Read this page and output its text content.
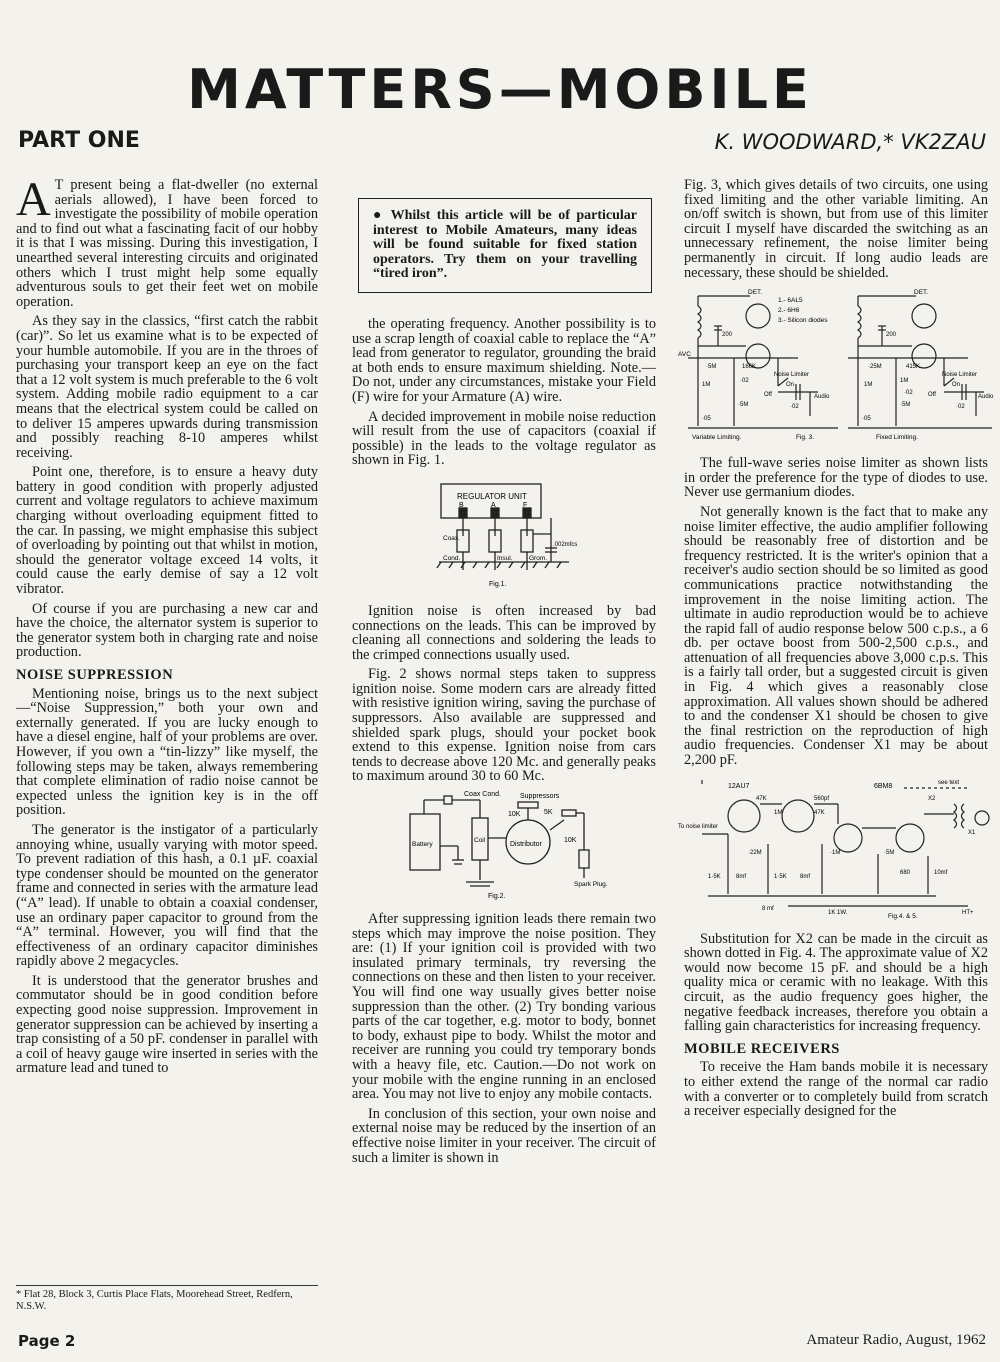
MATTERS—MOBILE
PART ONE	K. WOODWARD,* VK2ZAU

A T present being a flat-dweller (no external aerials allowed), I have been forced to investigate the possibility of mobile operation and to find out what a fascinating facit of our hobby it is that I was missing. During this investigation, I unearthed several interesting circuits and originated others which I trust might help some equally adventurous souls to get their feet wet on mobile operation.

As they say in the classics, “first catch the rabbit (car)”. So let us examine what is to be expected of your humble automobile. If you are in the throes of purchasing your transport keep an eye on the fact that a 12 volt system is much preferable to the 6 volt system. Adding mobile radio equipment to a car means that the electrical system could be called on to deliver 15 amperes upwards during transmission and possibly reaching 8-10 amperes whilst receiving.

Point one, therefore, is to ensure a heavy duty battery in good condition with properly adjusted current and voltage regulators to achieve maximum charging without overloading equipment fitted to the car. In passing, we might emphasise this subject of overloading by pointing out that whilst in motion, should the generator voltage exceed 14 volts, it could cause the early demise of say a 12 volt vibrator.

Of course if you are purchasing a new car and have the choice, the alternator system is superior to the generator system both in charging rate and noise production.

NOISE SUPPRESSION

Mentioning noise, brings us to the next subject—“Noise Suppression,” both your own and externally generated. If you are lucky enough to have a diesel engine, half of your problems are over. However, if you own a “tin-lizzy” like myself, the following steps may be taken, always remembering that complete elimination of radio noise cannot be expected unless the ignition key is in the off position.

The generator is the instigator of a particularly annoying whine, usually varying with motor speed. To prevent radiation of this hash, a 0.1 µF. coaxial type condenser should be mounted on the generator frame and connected in series with the armature lead (“A” lead). If unable to obtain a coaxial condenser, use an ordinary paper capacitor to ground from the “A” terminal. However, you will find that the effectiveness of an ordinary capacitor diminishes rapidly above 2 megacycles.

It is understood that the generator brushes and commutator should be in good condition before expecting good noise suppression. Improvement in generator suppression can be achieved by inserting a trap consisting of a 50 pF. condenser in parallel with a coil of heavy gauge wire inserted in series with the armature lead and tuned to

* Flat 28, Block 3, Curtis Place Flats, Moorehead Street, Redfern, N.S.W.
● Whilst this article will be of particular interest to Mobile Amateurs, many ideas will be found suitable for fixed station operators. Try them on your travelling “tired iron”.

the operating frequency. Another possibility is to use a scrap length of coaxial cable to replace the “A” lead from generator to regulator, grounding the braid at both ends to ensure maximum shielding. Note.—Do not, under any circumstances, mistake your Field (F) wire for your Armature (A) wire.

A decided improvement in mobile noise reduction will result from the use of capacitors (coaxial if possible) in the leads to the voltage regulator as shown in Fig. 1.

REGULATOR UNIT
B	A	F
Coax.
Cond.	Insul.	Grom.
.002mfcs
Fig.1.

Ignition noise is often increased by bad connections on the leads. This can be improved by cleaning all connections and soldering the leads to the crimped connections usually used.

Fig. 2 shows normal steps taken to suppress ignition noise. Some modern cars are already fitted with resistive ignition wiring, saving the purchase of suppressors. Also available are suppressed and shielded spark plugs, should your pocket book extend to this expense. Ignition noise from cars tends to decrease above 120 Mc. and generally peaks to maximum around 30 to 60 Mc.

Coax Cond.	Suppressors
10K	5K
10K
Battery
Coil
Distributor
Spark Plug.
Fig.2.

After suppressing ignition leads there remain two steps which may improve the noise position. They are: (1) If your ignition coil is provided with two insulated primary terminals, try reversing the connections on these and then listen to your receiver. You will find one way usually gives better noise suppression than the other. (2) Try bonding various parts of the car together, e.g. motor to body, bonnet to body, exhaust pipe to body. Whilst the motor and receiver are running you could try temporary bonds with a heavy file, etc. Caution.—Do not work on your mobile with the engine running in an enclosed area. You may not live to enjoy any mobile contacts.

In conclusion of this section, your own noise and external noise may be reduced by the insertion of an effective noise limiter in your receiver. The circuit of such a limiter is shown in

Fig. 3, which gives details of two circuits, one using fixed limiting and the other variable limiting. An on/off switch is shown, but from use of this limiter circuit I myself have discarded the switching as an unnecessary refinement, the noise limiter being permanently in circuit. If long audio leads are necessary, these should be shielded.

DET.	DET.
1.- 6AL5
2.- 6H6
3.- Silicon diodes
AVC
200	200
·5M	166K	·25M	415K
Noise Limiter	Noise Limiter
On
Off
On
Off
1M	1M
1M
·5M	·5M
·02
·02
·02
·02
·05	·05
Audio	Audio
Variable Limiting.	Fig. 3.	Fixed Limiting.

The full-wave series noise limiter as shown lists in order the preference for the type of diodes to use. Never use germanium diodes.

Not generally known is the fact that to make any noise limiter effective, the audio amplifier following should be reasonably free of distortion and be frequency restricted. It is the writer's opinion that a receiver's audio section should be so limited as good communications practice notwithstanding the improvement in the noise limiting action. The ultimate in audio reproduction would be to achieve the rapid fall of audio response below 500 c.p.s., a 6 db. per octave boost from 500-2,500 c.p.s., and attenuation of all frequencies above 3,000 c.p.s. This is a fairly tall order, but a suggested circuit is given in Fig. 4 which gives a reasonably close approximation. All values shown should be adhered to and the condenser X1 should be chosen to give the final restriction on the reproduction of high audio frequencies. Condenser X1 may be about 2,200 pF.

12AU7	6BM8	see text
To noise limiter
47K
1M
560pf
47K
·22M	·1M	·5M
1·5K	1·5K
8mf	8mf
X1
X2
680	10mf
8 mf
1K 1W.	HT+
Fig.4. & 5.

Substitution for X2 can be made in the circuit as shown dotted in Fig. 4. The approximate value of X2 would now become 15 pF. and should be a high quality mica or ceramic with no leakage. With this circuit, as the audio frequency goes higher, the negative feedback increases, therefore you obtain a falling gain characteristics for increasing frequency.

MOBILE RECEIVERS

To receive the Ham bands mobile it is necessary to either extend the range of the normal car radio with a converter or to completely build from scratch a receiver especially designed for the

Page 2	Amateur Radio, August, 1962
